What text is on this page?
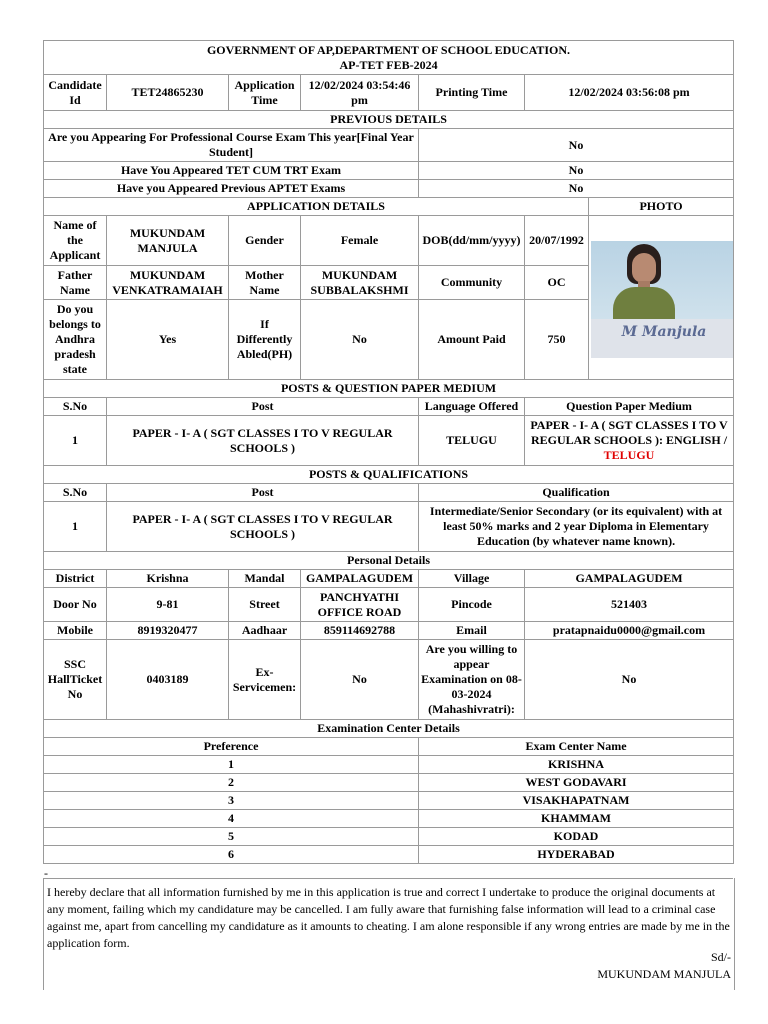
GOVERNMENT OF AP,DEPARTMENT OF SCHOOL EDUCATION.
AP-TET FEB-2024						

Candidate Id	TET24865230	Application Time	12/02/2024 03:54:46 pm	Printing Time	12/02/2024 03:56:08 pm	
PREVIOUS DETAILS						
Are you Appearing For Professional Course Exam This year[Final Year Student]				No		
Have You Appeared TET CUM TRT Exam				No		
Have you Appeared Previous APTET Exams				No		
APPLICATION DETAILS						PHOTO
Name of the Applicant	MUKUNDAM MANJULA	Gender	Female	DOB(dd/mm/yyyy)	20/07/1992	M Manjula

Father Name	MUKUNDAM VENKATRAMAIAH	Mother Name	MUKUNDAM SUBBALAKSHMI	Community	OC	
Do you belongs to Andhra pradesh state	Yes	If Differently Abled(PH)	No	Amount Paid	750	
POSTS & QUESTION PAPER MEDIUM						
S.No	Post			Language Offered	Question Paper Medium	
1	PAPER - I- A ( SGT CLASSES I TO V REGULAR SCHOOLS )			TELUGU	PAPER - I- A ( SGT CLASSES I TO V REGULAR SCHOOLS ): ENGLISH / TELUGU	
POSTS & QUALIFICATIONS						
S.No	Post			Qualification		
1	PAPER - I- A ( SGT CLASSES I TO V REGULAR SCHOOLS )			Intermediate/Senior Secondary (or its equivalent) with at least 50% marks and 2 year Diploma in Elementary Education (by whatever name known).		
Personal Details						
District	Krishna	Mandal	GAMPALAGUDEM	Village	GAMPALAGUDEM	
Door No	9-81	Street	PANCHYATHI OFFICE ROAD	Pincode	521403	
Mobile	8919320477	Aadhaar	859114692788	Email	pratapnaidu0000@gmail.com	
SSC HallTicket No	0403189	Ex-Servicemen:	No	Are you willing to appear Examination on 08-03-2024 (Mahashivratri):	No	
Examination Center Details						
Preference				Exam Center Name		
1				KRISHNA		
2				WEST GODAVARI		
3				VISAKHAPATNAM		
4				KHAMMAM		
5				KODAD		
6				HYDERABAD		
-
I hereby declare that all information furnished by me in this application is true and correct I undertake to produce the original documents at any moment, failing which my candidature may be cancelled. I am fully aware that furnishing false information will lead to a criminal case against me, apart from cancelling my candidature as it amounts to cheating. I am alone responsible if any wrong entries are made by me in the application form.
Sd/-
MUKUNDAM MANJULA
